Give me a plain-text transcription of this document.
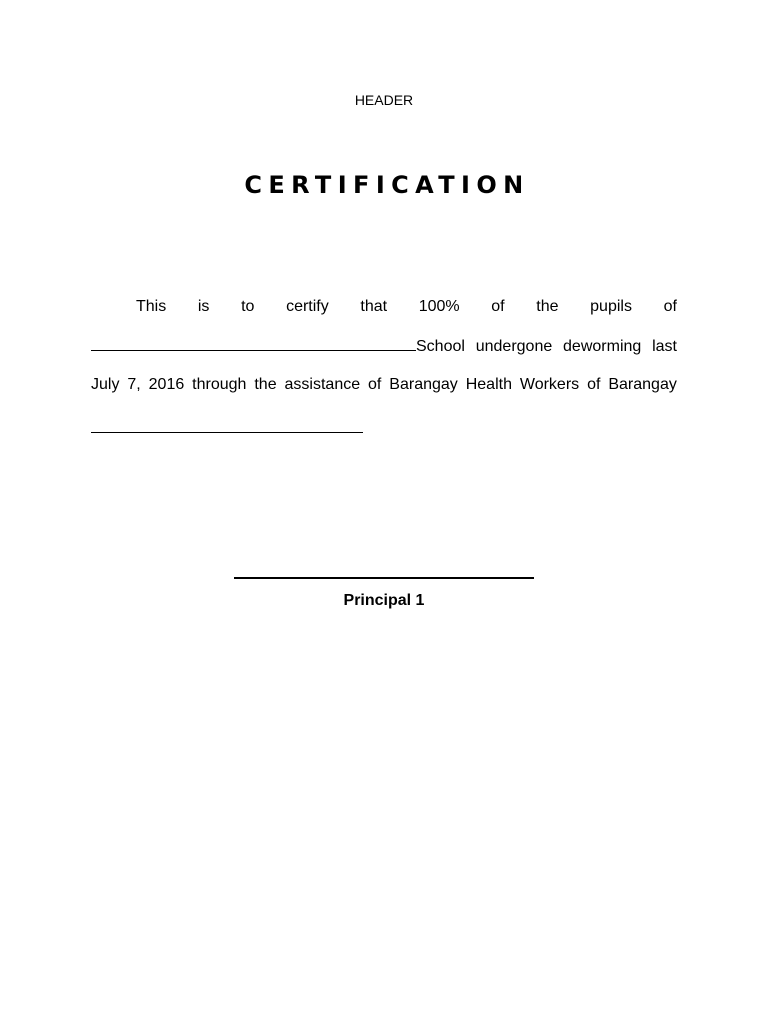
HEADER
CERTIFICATION
This is to certify that 100% of the pupils of
School undergone deworming last
July 7, 2016 through the assistance of Barangay Health Workers of Barangay
Principal 1
